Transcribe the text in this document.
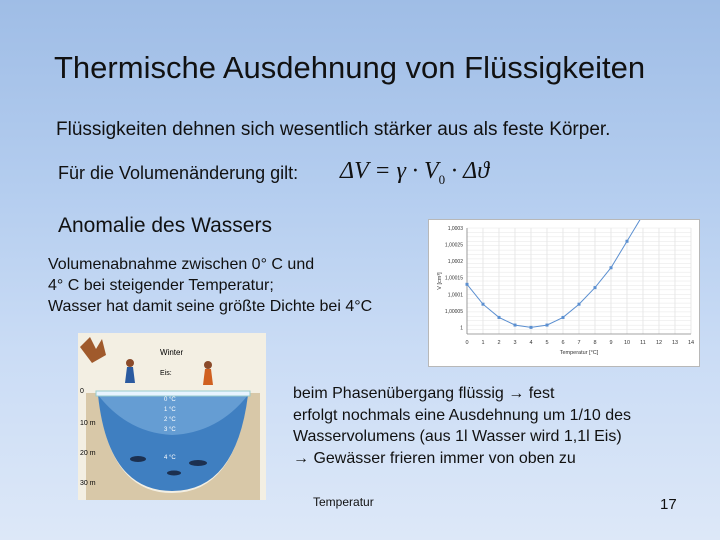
Thermische Ausdehnung von Flüssigkeiten
Flüssigkeiten dehnen sich wesentlich stärker aus als feste Körper.
Für die Volumenänderung gilt: $\Delta V = \gamma \cdot V_0 \cdot \Delta ϑ$
Anomalie des Wassers
Volumenabnahme zwischen 0° C und
4° C bei steigender Temperatur;
Wasser hat damit seine größte Dichte bei 4°C
0 1 2 3 4 5 6 7 8 9 10 11 12 13 14
1
1,00005
1,0001
1,00015
1,0002
1,00025
1,0003
Temperatur [°C]
V [cm³]
Winter
Eis:
0
10 m
20 m
30 m
0 °C
1 °C
2 °C
3 °C
4 °C
beim Phasenübergang flüssig → fest
erfolgt nochmals eine Ausdehnung um 1/10 des
Wasservolumens (aus 1l Wasser wird 1,1l Eis)
→ Gewässer frieren immer von oben zu
Temperatur	17
